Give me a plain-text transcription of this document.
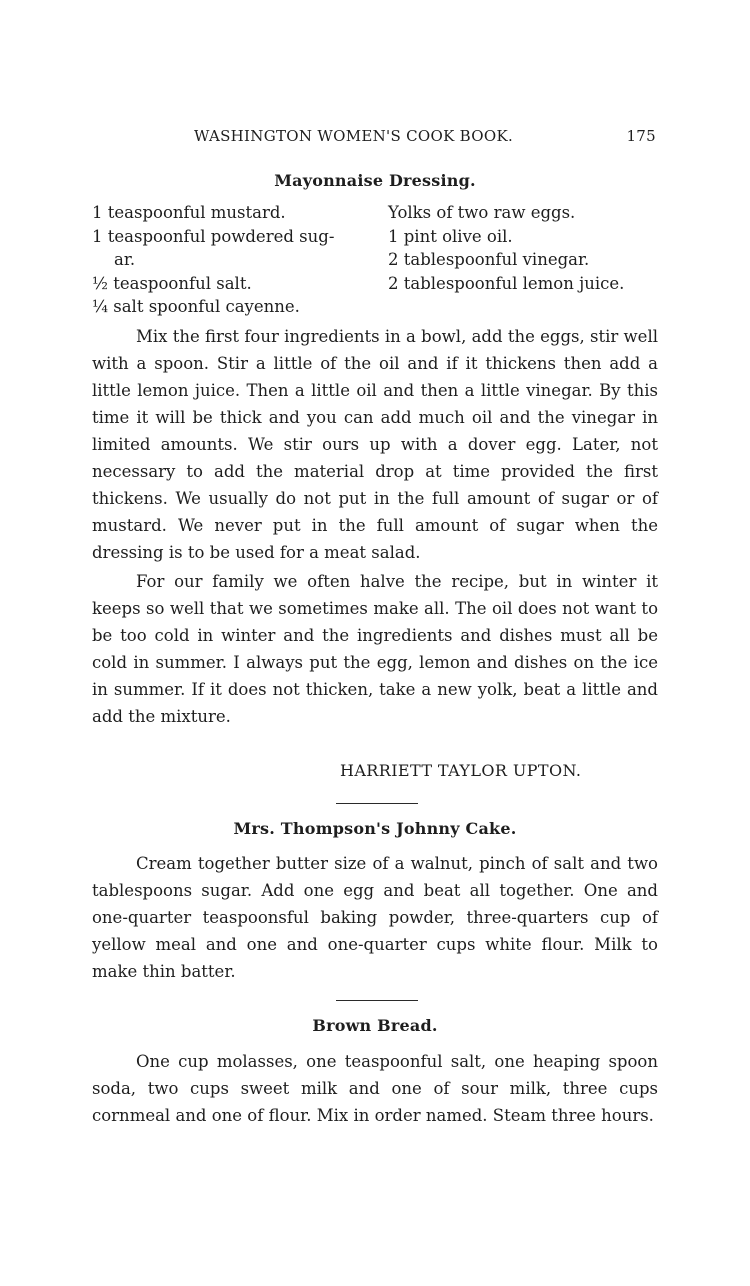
WASHINGTON WOMEN'S COOK BOOK.	175
Mayonnaise Dressing.
1 teaspoonful mustard.
1 teaspoonful powdered sug-
ar.
½ teaspoonful salt.
¼ salt spoonful cayenne.
Yolks of two raw eggs.
1 pint olive oil.
2 tablespoonful vinegar.
2 tablespoonful lemon juice.

Mix the first four ingredients in a bowl, add the eggs, stir well with a spoon. Stir a little of the oil and if it thickens then add a little lemon juice. Then a little oil and then a little vinegar. By this time it will be thick and you can add much oil and the vinegar in limited amounts. We stir ours up with a dover egg. Later, not necessary to add the material drop at time provided the first thickens. We usually do not put in the full amount of sugar or of mustard. We never put in the full amount of sugar when the dressing is to be used for a meat salad.

For our family we often halve the recipe, but in winter it keeps so well that we sometimes make all. The oil does not want to be too cold in winter and the ingredients and dishes must all be cold in summer. I always put the egg, lemon and dishes on the ice in summer. If it does not thicken, take a new yolk, beat a little and add the mixture.

HARRIETT TAYLOR UPTON.
Mrs. Thompson's Johnny Cake.

Cream together butter size of a walnut, pinch of salt and two tablespoons sugar. Add one egg and beat all together. One and one-quarter teaspoonsful baking powder, three-quarters cup of yellow meal and one and one-quarter cups white flour. Milk to make thin batter.

Brown Bread.

One cup molasses, one teaspoonful salt, one heaping spoon soda, two cups sweet milk and one of sour milk, three cups cornmeal and one of flour. Mix in order named. Steam three hours.
